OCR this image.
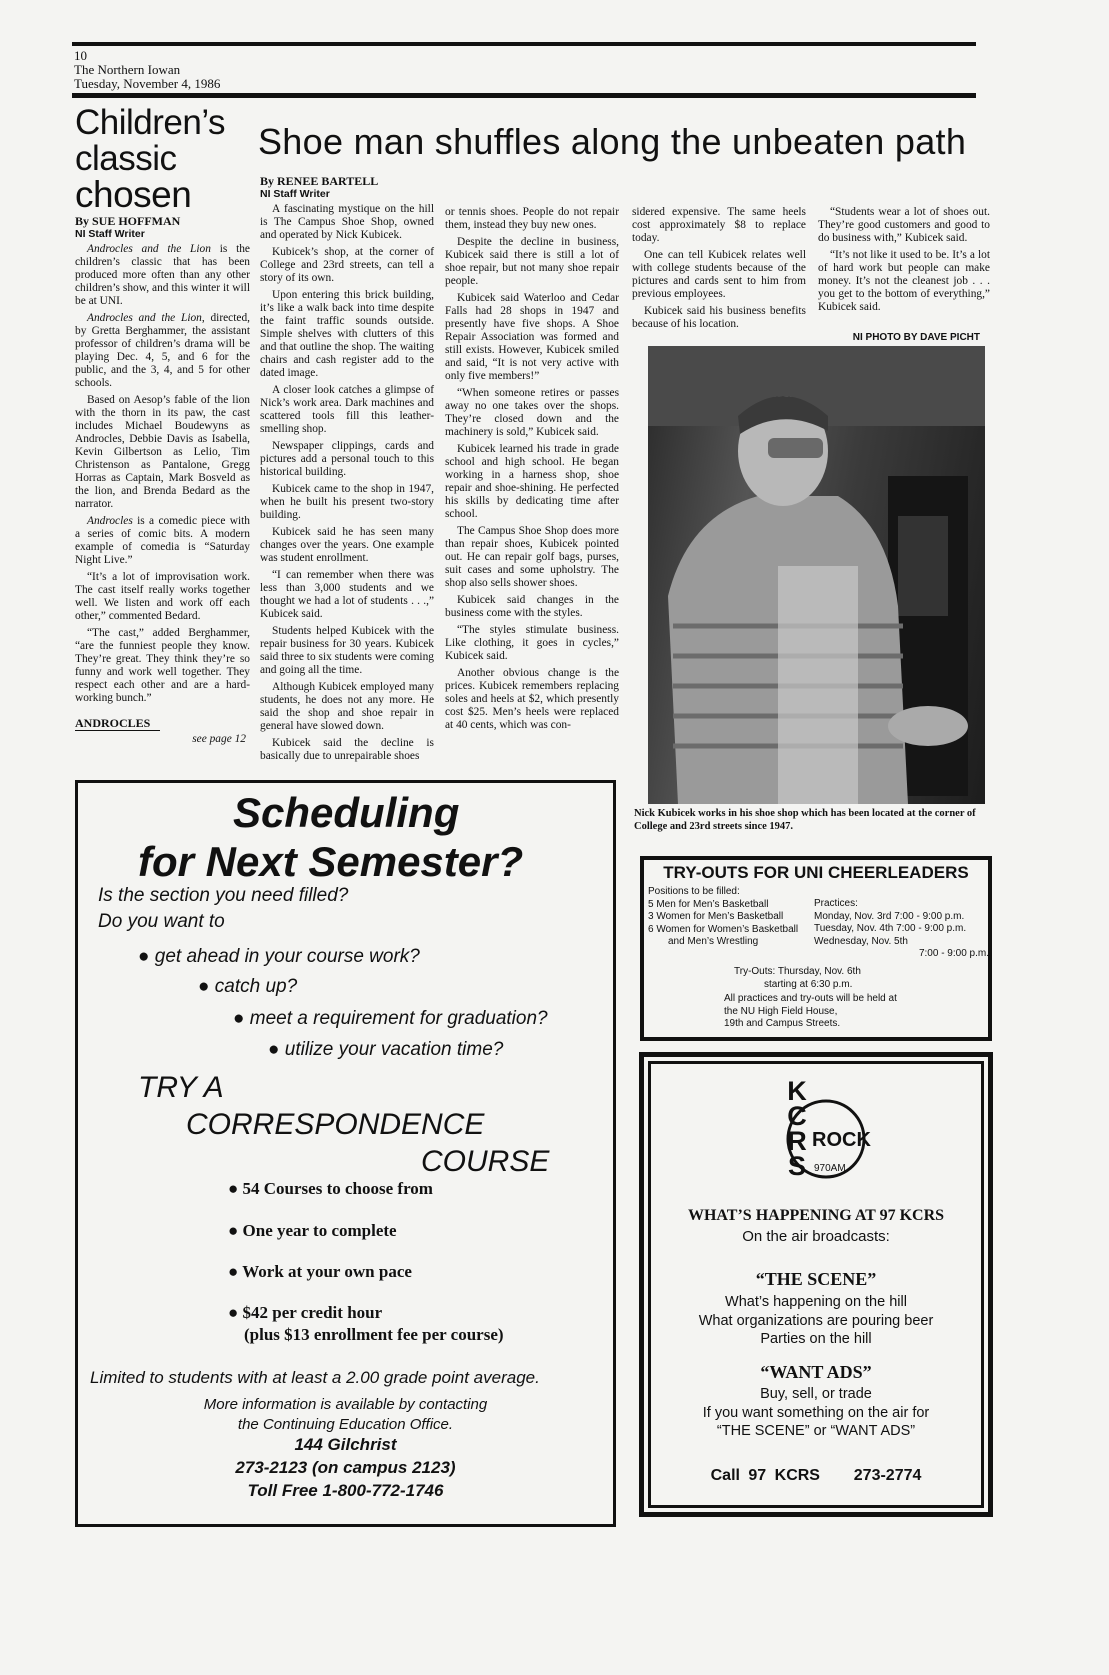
10
The Northern Iowan
Tuesday, November 4, 1986
Children’s
classic
chosen
By SUE HOFFMAN
NI Staff Writer

Androcles and the Lion is the children’s classic that has been produced more often than any other children’s show, and this winter it will be at UNI.

Androcles and the Lion, directed, by Gretta Berghammer, the assistant professor of children’s drama will be playing Dec. 4, 5, and 6 for the public, and the 3, 4, and 5 for other schools.

Based on Aesop’s fable of the lion with the thorn in its paw, the cast includes Michael Boudewyns as Androcles, Debbie Davis as Isabella, Kevin Gilbertson as Lelio, Tim Christenson as Pantalone, Gregg Horras as Captain, Mark Bosveld as the lion, and Brenda Bedard as the narrator.

Androcles is a comedic piece with a series of comic bits. A modern example of comedia is “Saturday Night Live.”

“It’s a lot of improvisation work. The cast itself really works together well. We listen and work off each other,” commented Bedard.

“The cast,” added Berghammer, “are the funniest people they know. They’re great. They think they’re so funny and work well together. They respect each other and are a hard-working bunch.”

ANDROCLES
see page 12
Shoe man shuffles along the unbeaten path
By RENEE BARTELL
NI Staff Writer

A fascinating mystique on the hill is The Campus Shoe Shop, owned and operated by Nick Kubicek.

Kubicek’s shop, at the corner of College and 23rd streets, can tell a story of its own.

Upon entering this brick building, it’s like a walk back into time despite the faint traffic sounds outside. Simple shelves with clutters of this and that outline the shop. The waiting chairs and cash register add to the dated image.

A closer look catches a glimpse of Nick’s work area. Dark machines and scattered tools fill this leather-smelling shop.

Newspaper clippings, cards and pictures add a personal touch to this historical building.

Kubicek came to the shop in 1947, when he built his present two-story building.

Kubicek said he has seen many changes over the years. One example was student enrollment.

“I can remember when there was less than 3,000 students and we thought we had a lot of students . . .,” Kubicek said.

Students helped Kubicek with the repair business for 30 years. Kubicek said three to six students were coming and going all the time.

Although Kubicek employed many students, he does not any more. He said the shop and shoe repair in general have slowed down.

Kubicek said the decline is basically due to unrepairable shoes

or tennis shoes. People do not repair them, instead they buy new ones.

Despite the decline in business, Kubicek said there is still a lot of shoe repair, but not many shoe repair people.

Kubicek said Waterloo and Cedar Falls had 28 shops in 1947 and presently have five shops. A Shoe Repair Association was formed and still exists. However, Kubicek smiled and said, “It is not very active with only five members!”

“When someone retires or passes away no one takes over the shops. They’re closed down and the machinery is sold,” Kubicek said.

Kubicek learned his trade in grade school and high school. He began working in a harness shop, shoe repair and shoe-shining. He perfected his skills by dedicating time after school.

The Campus Shoe Shop does more than repair shoes, Kubicek pointed out. He can repair golf bags, purses, suit cases and some upholstry. The shop also sells shower shoes.

Kubicek said changes in the business come with the styles.

“The styles stimulate business. Like clothing, it goes in cycles,” Kubicek said.

Another obvious change is the prices. Kubicek remembers replacing soles and heels at $2, which presently cost $25. Men’s heels were replaced at 40 cents, which was con-

sidered expensive. The same heels cost approximately $8 to replace today.

One can tell Kubicek relates well with college students because of the pictures and cards sent to him from previous employees.

Kubicek said his business benefits because of his location.

“Students wear a lot of shoes out. They’re good customers and good to do business with,” Kubicek said.

“It’s not like it used to be. It’s a lot of hard work but people can make money. It’s not the cleanest job . . . you get to the bottom of everything,” Kubicek said.

NI PHOTO BY DAVE PICHT
Nick Kubicek works in his shoe shop which has been located at the corner of College and 23rd streets since 1947.
Scheduling
for Next Semester?
Is the section you need filled?
Do you want to
● get ahead in your course work?
● catch up?
● meet a requirement for graduation?
● utilize your vacation time?
TRY A
CORRESPONDENCE
COURSE
● 54 Courses to choose from
● One year to complete
● Work at your own pace
● $42 per credit hour
(plus $13 enrollment fee per course)
Limited to students with at least a 2.00 grade point average.
More information is available by contacting
the Continuing Education Office.
144 Gilchrist
273-2123 (on campus 2123)
Toll Free 1-800-772-1746
TRY-OUTS FOR UNI CHEERLEADERS
Positions to be filled:
5 Men for Men’s Basketball
3 Women for Men’s Basketball
6 Women for Women’s Basketball
and Men’s Wrestling
Practices:
Monday, Nov. 3rd 7:00 - 9:00 p.m.
Tuesday, Nov. 4th 7:00 - 9:00 p.m.
Wednesday, Nov. 5th
7:00 - 9:00 p.m.
Try-Outs: Thursday, Nov. 6th
starting at 6:30 p.m.
All practices and try-outs will be held at
the NU High Field House,
19th and Campus Streets.
KCRS
ROCK
970AM
WHAT’S HAPPENING AT 97 KCRS
On the air broadcasts:
“THE SCENE”
What’s happening on the hill
What organizations are pouring beer
Parties on the hill
“WANT ADS”
Buy, sell, or trade
If you want something on the air for
“THE SCENE” or “WANT ADS”
Call 97 KCRS 273-2774
